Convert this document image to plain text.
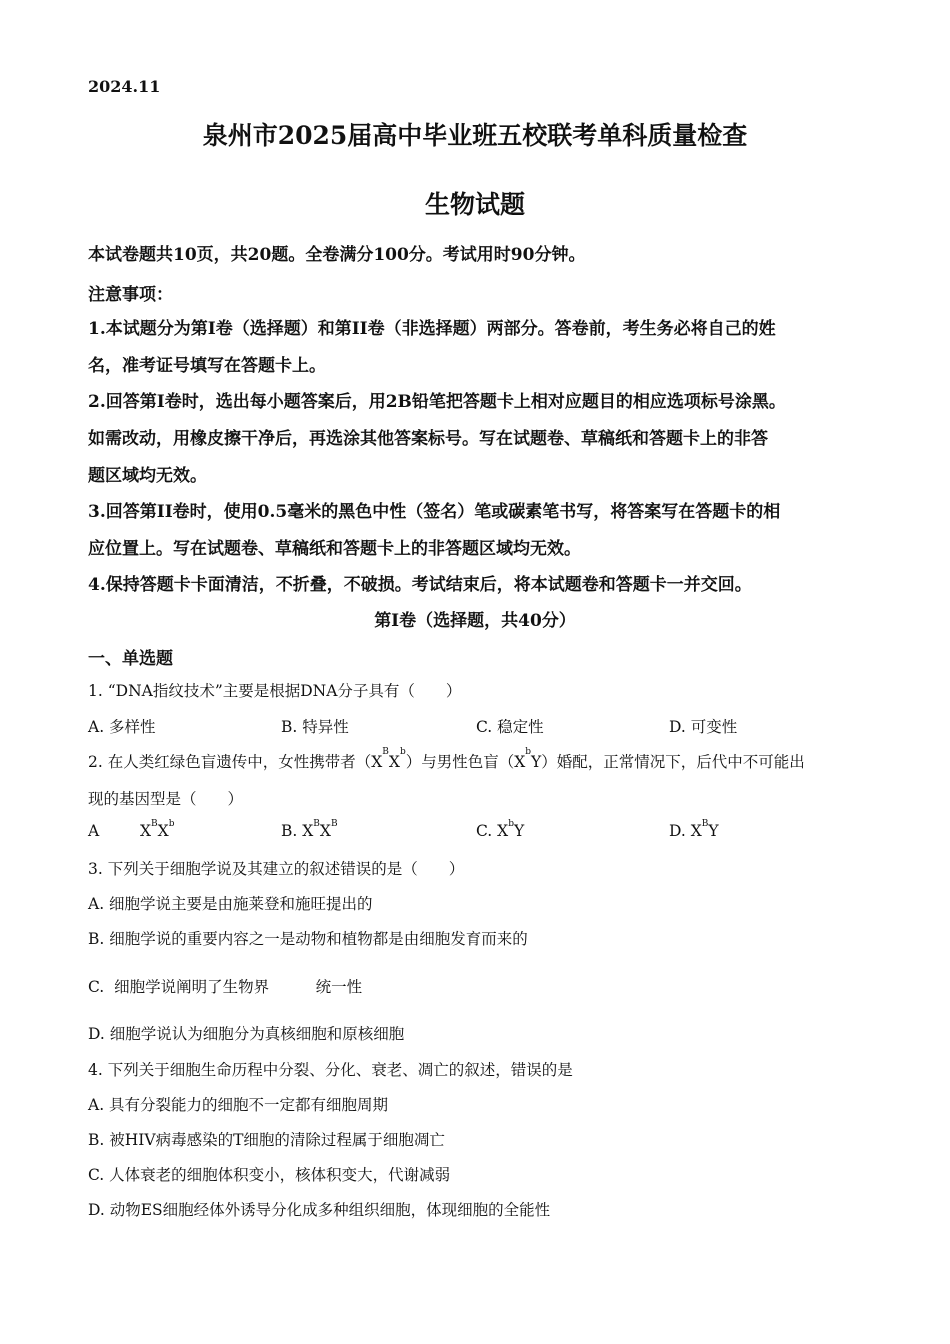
2024.11
泉州市2025届高中毕业班五校联考单科质量检查
生物试题
本试卷题共10页，共20题。全卷满分100分。考试用时90分钟。
注意事项：
1.本试题分为第I卷（选择题）和第II卷（非选择题）两部分。答卷前，考生务必将自己的姓
名，准考证号填写在答题卡上。
2.回答第I卷时，选出每小题答案后，用2B铅笔把答题卡上相对应题目的相应选项标号涂黑。
如需改动，用橡皮擦干净后，再选涂其他答案标号。写在试题卷、草稿纸和答题卡上的非答
题区域均无效。
3.回答第II卷时，使用0.5毫米的黑色中性（签名）笔或碳素笔书写，将答案写在答题卡的相
应位置上。写在试题卷、草稿纸和答题卡上的非答题区域均无效。
4.保持答题卡卡面清洁，不折叠，不破损。考试结束后，将本试题卷和答题卡一并交回。
第I卷（选择题，共40分）
一、单选题
1. “DNA指纹技术”主要是根据DNA分子具有（　　）
A. 多样性	B. 特异性	C. 稳定性	D. 可变性
2. 在人类红绿色盲遗传中，女性携带者$(X^BX^b)$与男性色盲$(X^bY)$婚配，正常情况下，后代中不可能出
现的基因型是（　　）
A	$X^BX^b$	B. $X^BX^B$	C. $X^bY$	D. $X^BY$
3. 下列关于细胞学说及其建立的叙述错误的是（　　）
A. 细胞学说主要是由施莱登和施旺提出的
B. 细胞学说的重要内容之一是动物和植物都是由细胞发育而来的
C.  细胞学说阐明了生物界　　　统一性
D. 细胞学说认为细胞分为真核细胞和原核细胞
4. 下列关于细胞生命历程中分裂、分化、衰老、凋亡的叙述，错误的是
A. 具有分裂能力的细胞不一定都有细胞周期
B. 被HIV病毒感染的T细胞的清除过程属于细胞凋亡
C. 人体衰老的细胞体积变小，核体积变大，代谢减弱
D. 动物ES细胞经体外诱导分化成多种组织细胞，体现细胞的全能性
